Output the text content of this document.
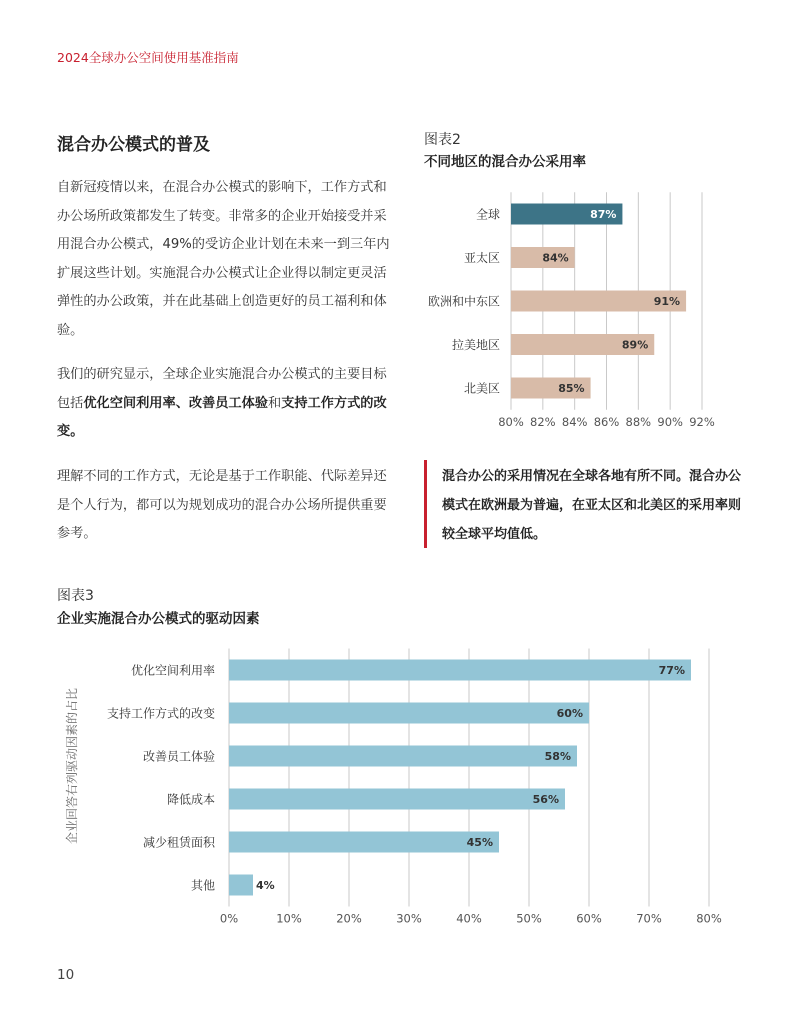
2024全球办公空间使用基准指南
混合办公模式的普及
自新冠疫情以来，在混合办公模式的影响下，工作方式和办公场所政策都发生了转变。非常多的企业开始接受并采用混合办公模式，49%的受访企业计划在未来一到三年内扩展这些计划。实施混合办公模式让企业得以制定更灵活弹性的办公政策，并在此基础上创造更好的员工福利和体验。
我们的研究显示，全球企业实施混合办公模式的主要目标包括优化空间利用率、改善员工体验和支持工作方式的改变。
理解不同的工作方式，无论是基于工作职能、代际差异还是个人行为，都可以为规划成功的混合办公场所提供重要参考。
图表2
不同地区的混合办公采用率
80% 82% 84% 86% 88% 90% 92%
全球	87%
亚太区	84%
欧洲和中东区	91%
拉美地区	89%
北美区	85%
混合办公的采用情况在全球各地有所不同。混合办公模式在欧洲最为普遍，在亚太区和北美区的采用率则较全球平均值低。
图表3
企业实施混合办公模式的驱动因素
0%	10%	20%	30%	40%	50%	60%	70%	80%
优化空间利用率	77%
支持工作方式的改变	60%
改善员工体验	58%
降低成本	56%
减少租赁面积	45%
其他	4%
企业回答右列驱动因素的占比
10
